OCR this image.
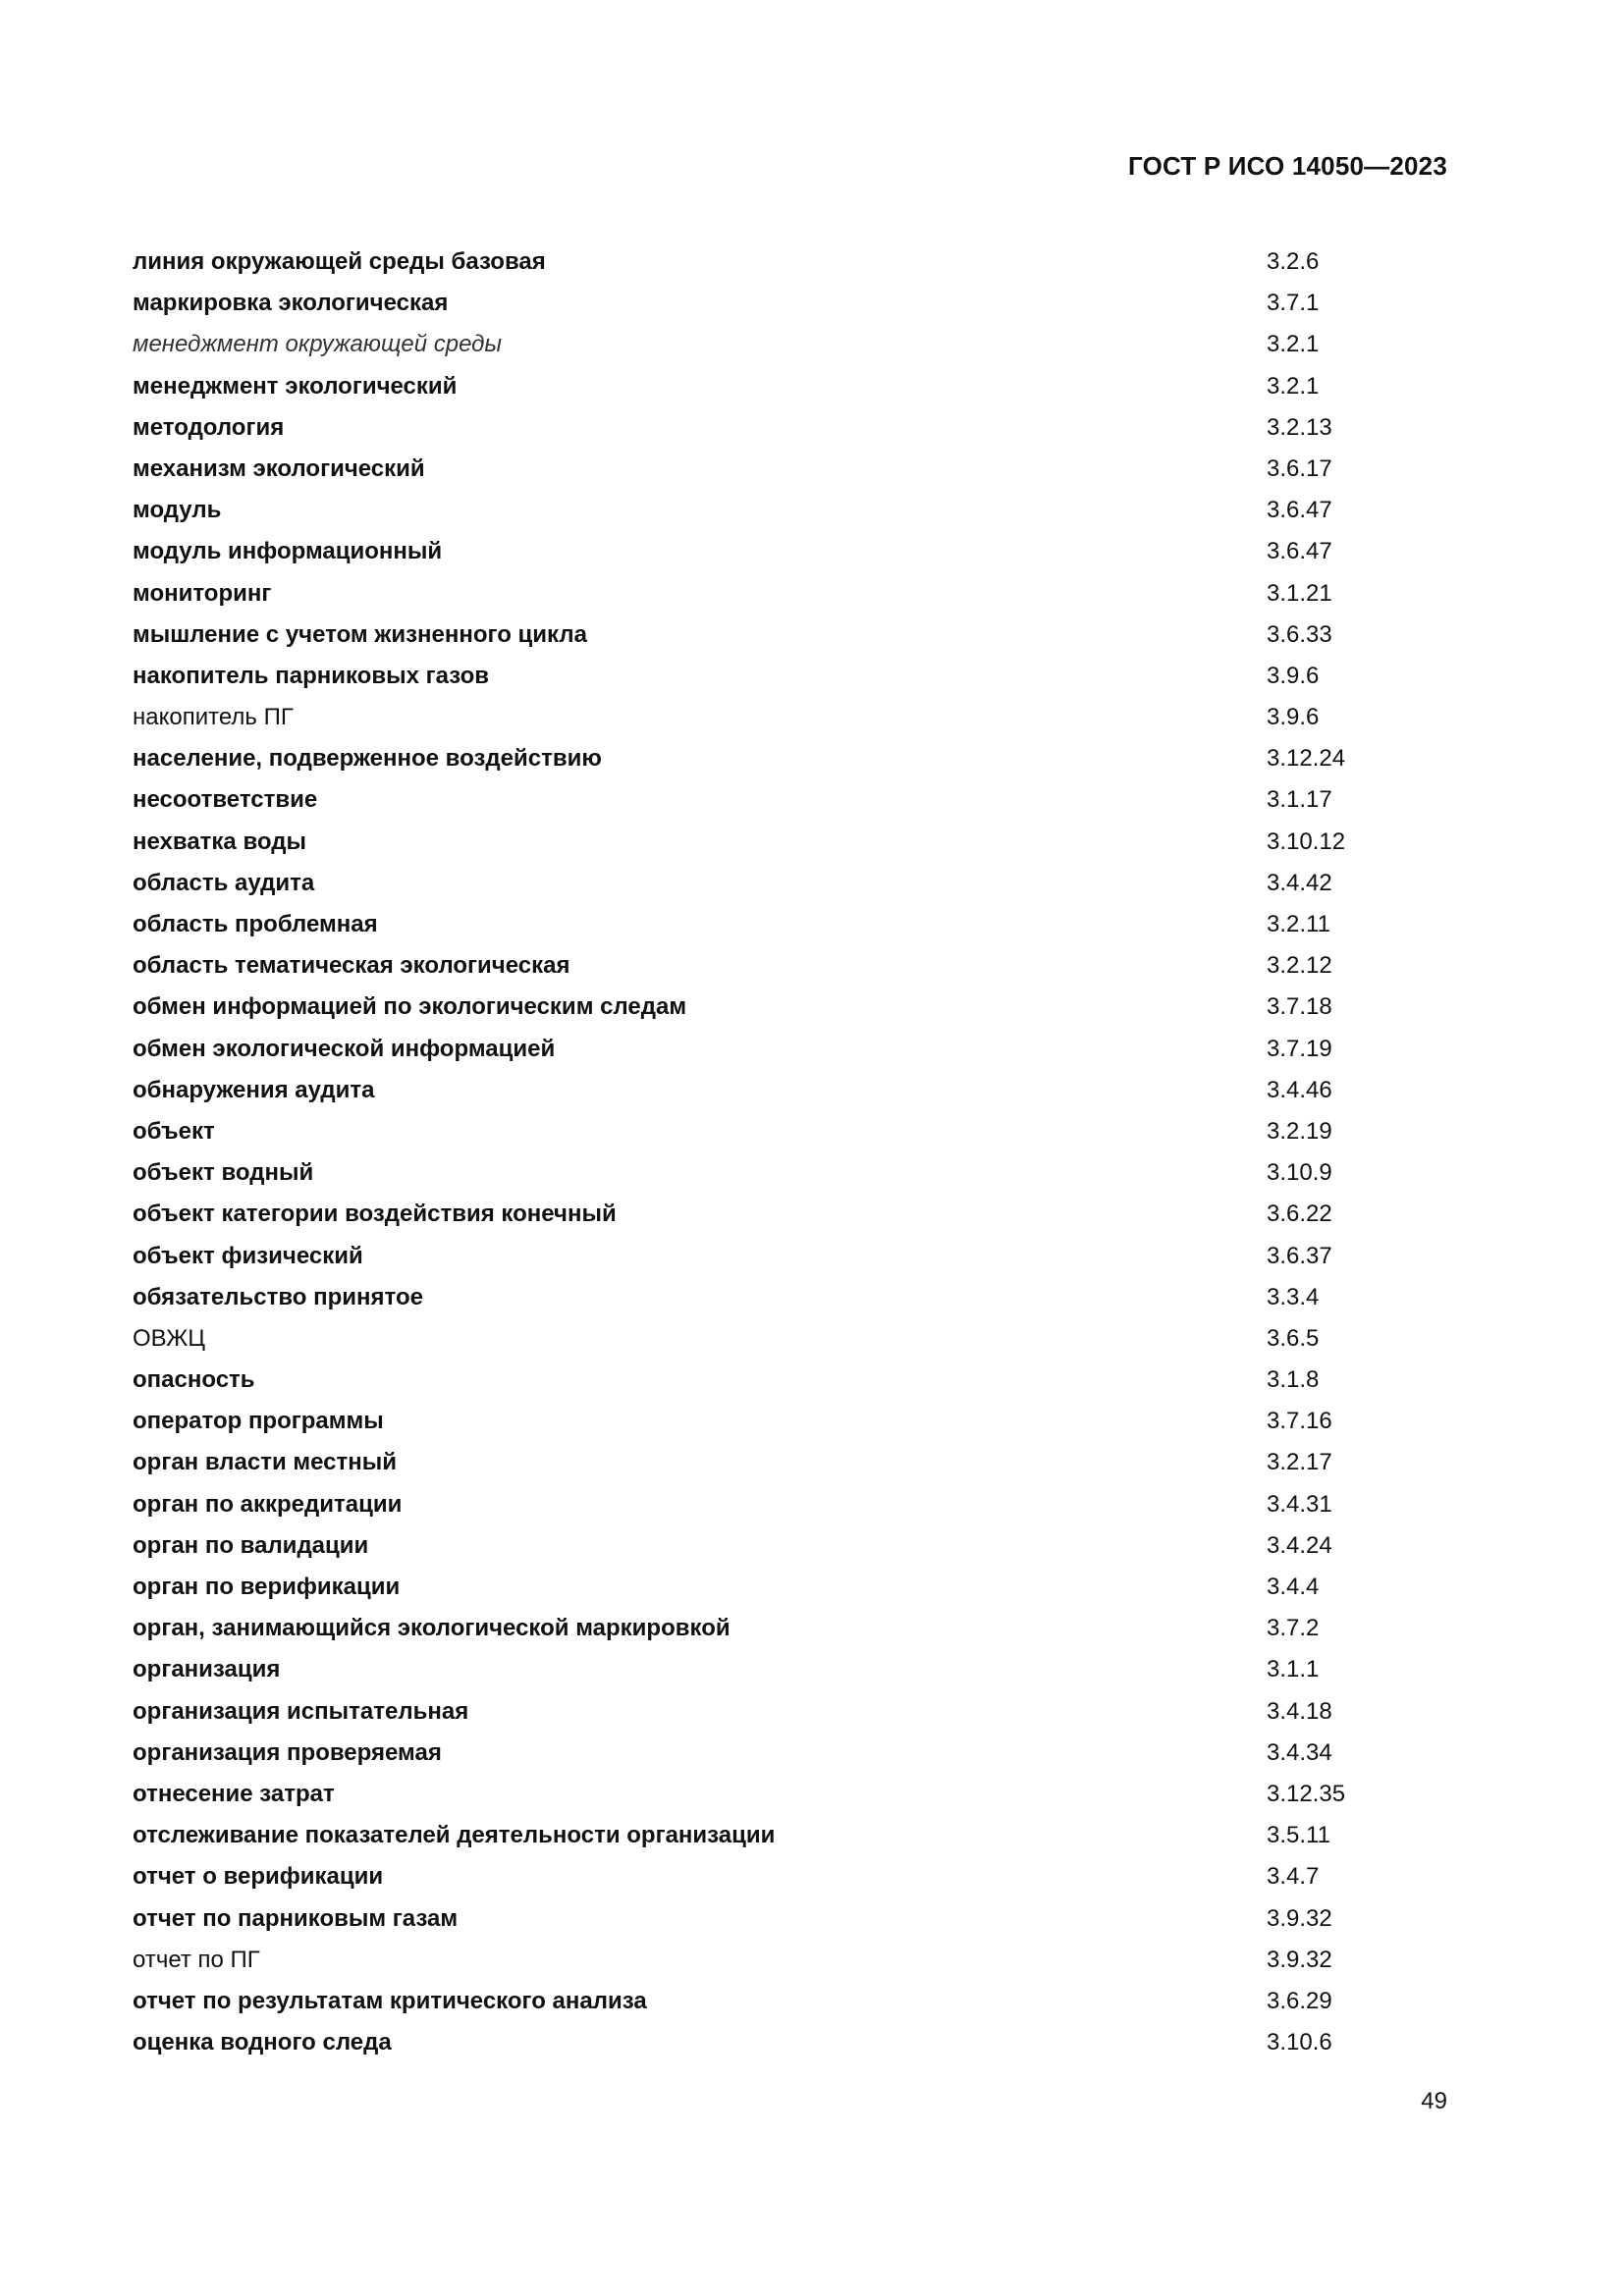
ГОСТ Р ИСО 14050—2023
линия окружающей среды базовая	3.2.6
маркировка экологическая	3.7.1
менеджмент окружающей среды	3.2.1
менеджмент экологический	3.2.1
методология	3.2.13
механизм экологический	3.6.17
модуль	3.6.47
модуль информационный	3.6.47
мониторинг	3.1.21
мышление с учетом жизненного цикла	3.6.33
накопитель парниковых газов	3.9.6
накопитель ПГ	3.9.6
население, подверженное воздействию	3.12.24
несоответствие	3.1.17
нехватка воды	3.10.12
область аудита	3.4.42
область проблемная	3.2.11
область тематическая экологическая	3.2.12
обмен информацией по экологическим следам	3.7.18
обмен экологической информацией	3.7.19
обнаружения аудита	3.4.46
объект	3.2.19
объект водный	3.10.9
объект категории воздействия конечный	3.6.22
объект физический	3.6.37
обязательство принятое	3.3.4
ОВЖЦ	3.6.5
опасность	3.1.8
оператор программы	3.7.16
орган власти местный	3.2.17
орган по аккредитации	3.4.31
орган по валидации	3.4.24
орган по верификации	3.4.4
орган, занимающийся экологической маркировкой	3.7.2
организация	3.1.1
организация испытательная	3.4.18
организация проверяемая	3.4.34
отнесение затрат	3.12.35
отслеживание показателей деятельности организации	3.5.11
отчет о верификации	3.4.7
отчет по парниковым газам	3.9.32
отчет по ПГ	3.9.32
отчет по результатам критического анализа	3.6.29
оценка водного следа	3.10.6
49
